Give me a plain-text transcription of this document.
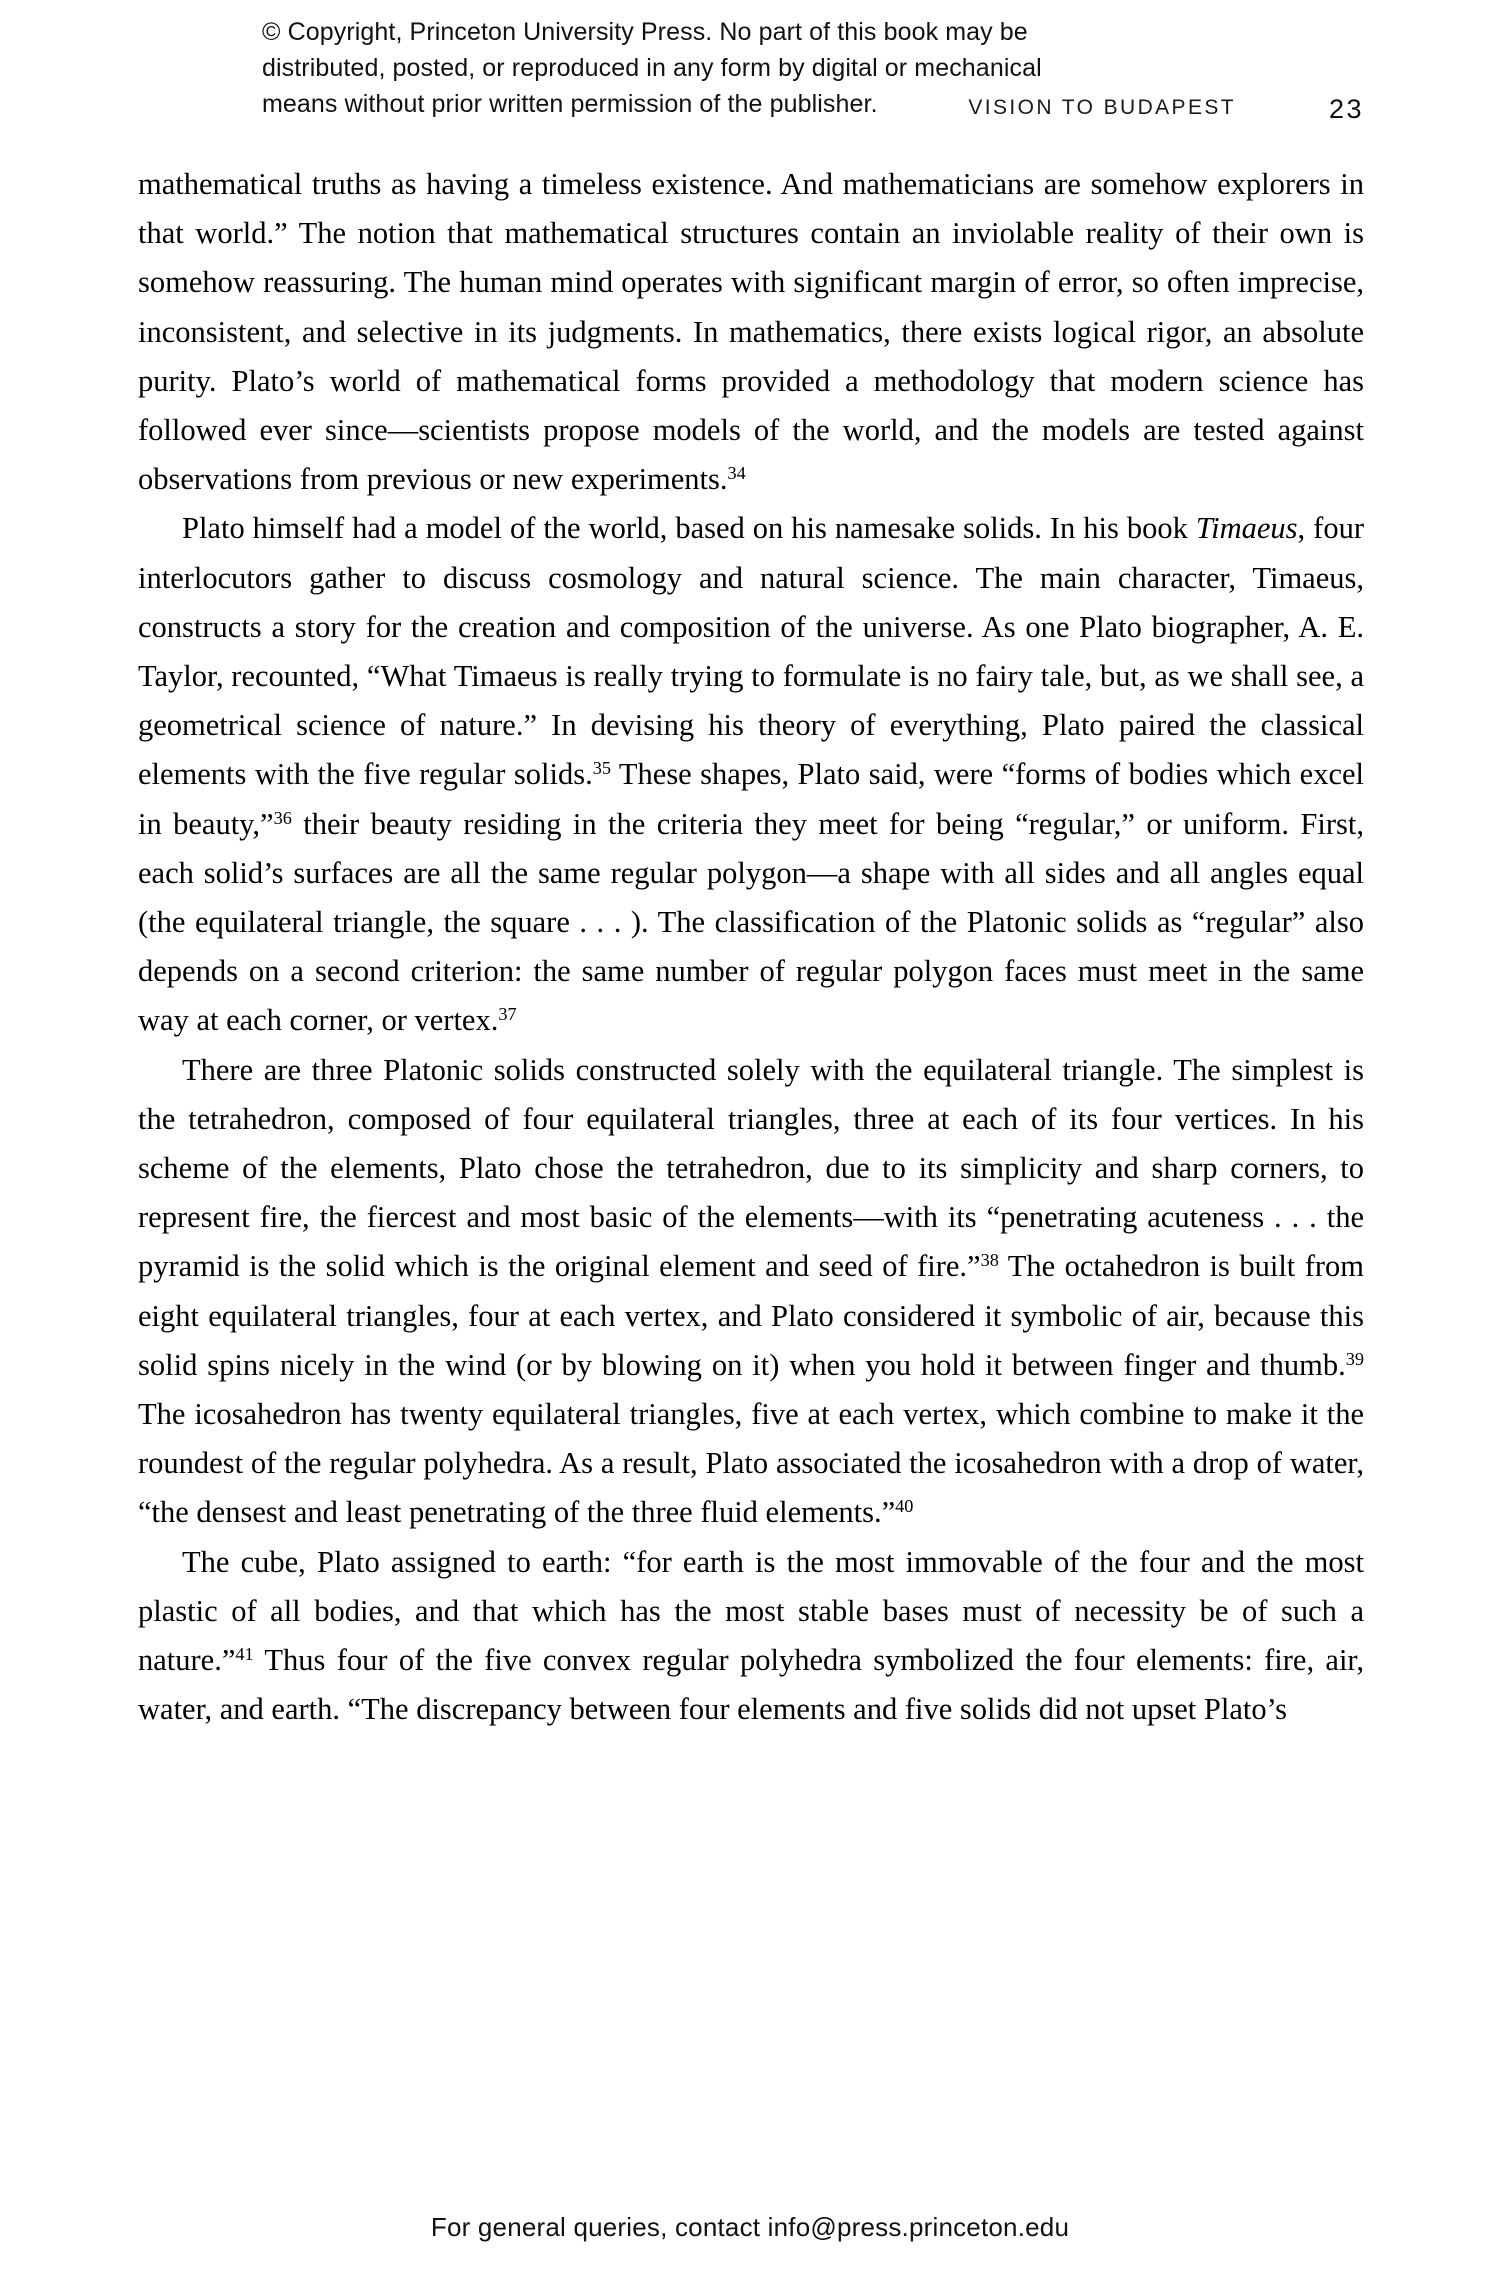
© Copyright, Princeton University Press. No part of this book may be
distributed, posted, or reproduced in any form by digital or mechanical
means without prior written permission of the publisher.	VISION TO BUDAPEST	23

mathematical truths as having a timeless existence. And mathematicians are somehow explorers in that world.” The notion that mathematical structures contain an inviolable reality of their own is somehow reassuring. The human mind operates with significant margin of error, so often imprecise, inconsistent, and selective in its judgments. In mathematics, there exists logical rigor, an absolute purity. Plato’s world of mathematical forms provided a methodology that modern science has followed ever since—scientists propose models of the world, and the models are tested against observations from previous or new experiments.$^{34}$

Plato himself had a model of the world, based on his namesake solids. In his book Timaeus, four interlocutors gather to discuss cosmology and natural science. The main character, Timaeus, constructs a story for the creation and composition of the universe. As one Plato biographer, A. E. Taylor, recounted, “What Timaeus is really trying to formulate is no fairy tale, but, as we shall see, a geometrical science of nature.” In devising his theory of everything, Plato paired the classical elements with the five regular solids.$^{35}$ These shapes, Plato said, were “forms of bodies which excel in beauty,”$^{36}$ their beauty residing in the criteria they meet for being “regular,” or uniform. First, each solid’s surfaces are all the same regular polygon—a shape with all sides and all angles equal (the equilateral triangle, the square . . . ). The classification of the Platonic solids as “regular” also depends on a second criterion: the same number of regular polygon faces must meet in the same way at each corner, or vertex.$^{37}$

There are three Platonic solids constructed solely with the equilateral triangle. The simplest is the tetrahedron, composed of four equilateral triangles, three at each of its four vertices. In his scheme of the elements, Plato chose the tetrahedron, due to its simplicity and sharp corners, to represent fire, the fiercest and most basic of the elements—with its “penetrating acuteness . . . the pyramid is the solid which is the original element and seed of fire.”$^{38}$ The octahedron is built from eight equilateral triangles, four at each vertex, and Plato considered it symbolic of air, because this solid spins nicely in the wind (or by blowing on it) when you hold it between finger and thumb.$^{39}$ The icosahedron has twenty equilateral triangles, five at each vertex, which combine to make it the roundest of the regular polyhedra. As a result, Plato associated the icosahedron with a drop of water, “the densest and least penetrating of the three fluid elements.”$^{40}$

The cube, Plato assigned to earth: “for earth is the most immovable of the four and the most plastic of all bodies, and that which has the most stable bases must of necessity be of such a nature.”$^{41}$ Thus four of the five convex regular polyhedra symbolized the four elements: fire, air, water, and earth. “The discrepancy between four elements and five solids did not upset Plato’s

For general queries, contact info@press.princeton.edu
